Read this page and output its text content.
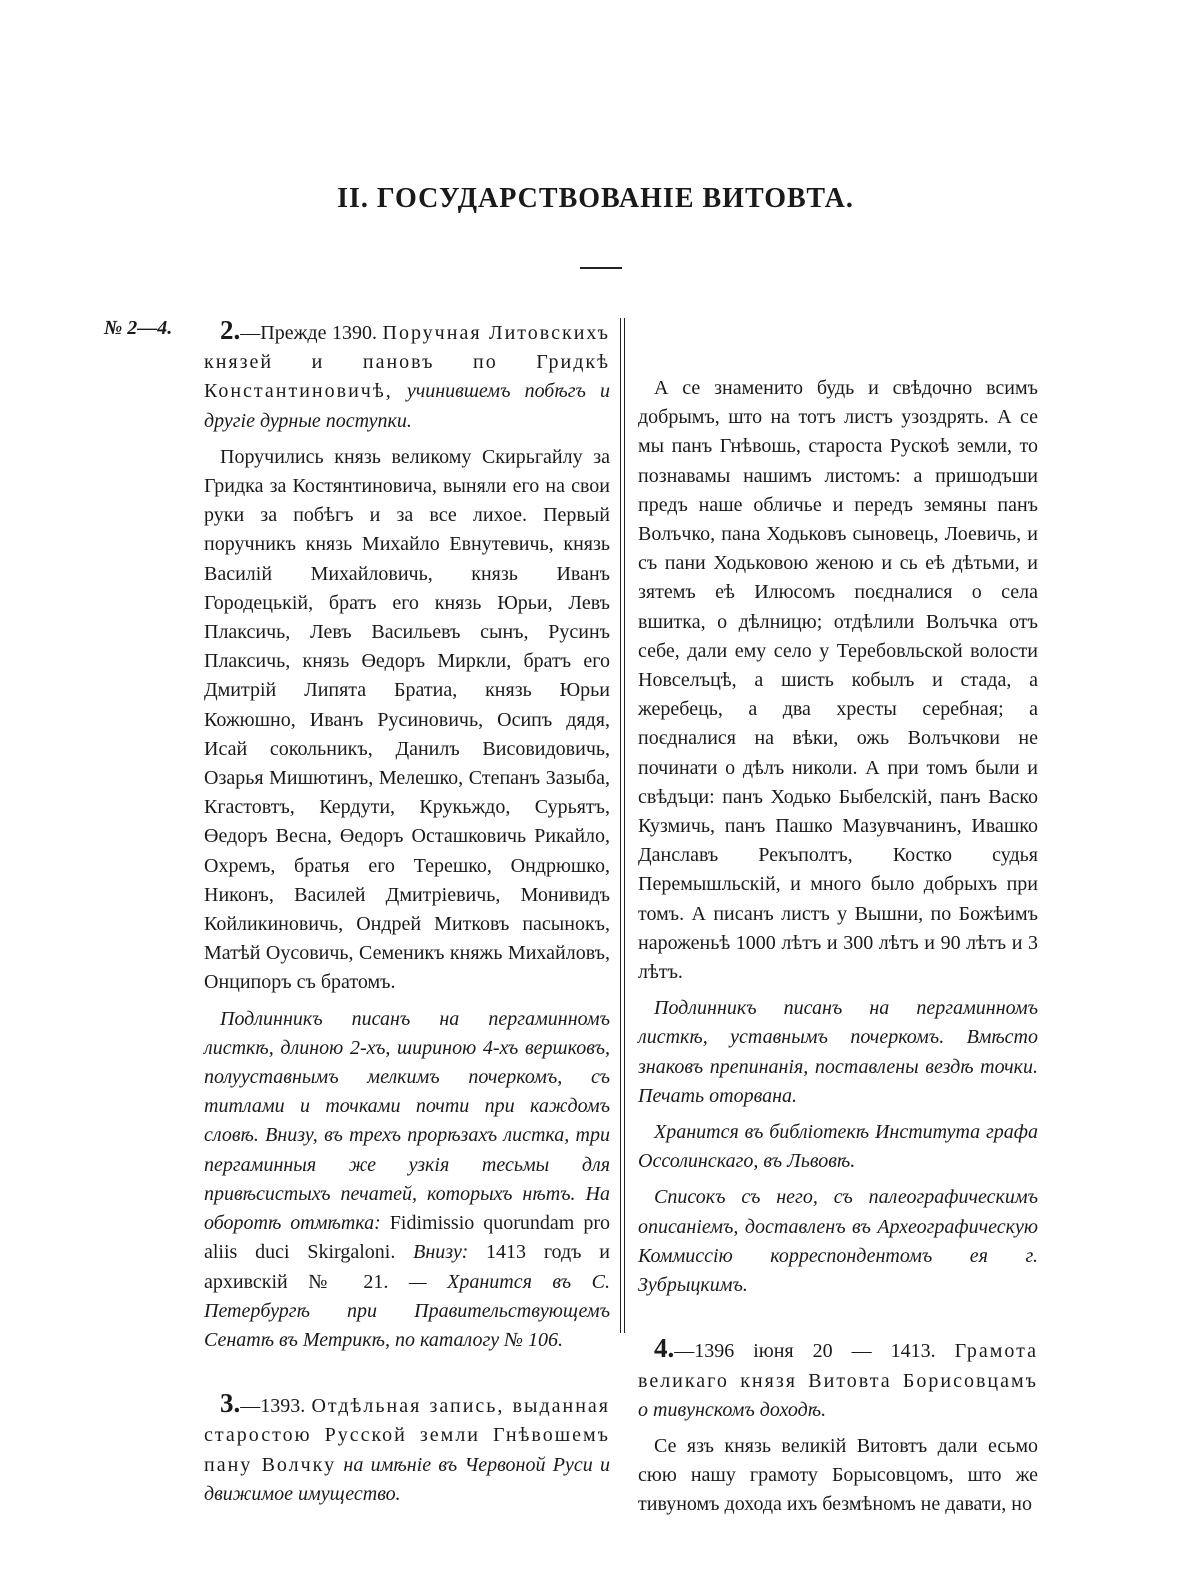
II. ГОСУДАРСТВОВАНІЕ ВИТОВТА.
№ 2—4.	2.—Прежде 1390. Поручная Литовскихъ князей и пановъ по Гридкѣ Константиновичѣ, учинившемъ побѣгъ и другіе дурные поступки.

Поручились князь великому Скирьгайлу за Гридка за Костянтиновича, выняли его на свои руки за побѣгъ и за все лихое. Первый поручникъ князь Михайло Евнутевичь, князь Василій Михайловичь, князь Иванъ Городецькій, братъ его князь Юрьи, Левъ Плаксичь, Левъ Васильевъ сынъ, Русинъ Плаксичь, князь Өедоръ Миркли, братъ его Дмитрій Липята Братиа, князь Юрьи Кожюшно, Иванъ Русиновичь, Осипъ дядя, Исай сокольникъ, Данилъ Висовидовичь, Озарья Мишютинъ, Мелешко, Степанъ Зазыба, Кгастовтъ, Кердути, Крукьждо, Сурьятъ, Өедоръ Весна, Өедоръ Осташковичь Рикайло, Охремъ, братья его Терешко, Ондрюшко, Никонъ, Василей Дмитріевичь, Монивидъ Койликиновичь, Ондрей Митковъ пасынокъ, Матѣй Оусовичь, Семеникъ княжь Михайловъ, Онципоръ съ братомъ.

Подлинникъ писанъ на пергаминномъ листкѣ, длиною 2-хъ, шириною 4-хъ вершковъ, полууставнымъ мелкимъ почеркомъ, съ титлами и точками почти при каждомъ словѣ. Внизу, въ трехъ прорѣзахъ листка, три пергаминныя же узкія тесьмы для привѣсистыхъ печатей, которыхъ нѣтъ. На оборотѣ отмѣтка: Fidimissio quorundam pro aliis duci Skirgaloni. Внизу: 1413 годъ и архивскій № 21. — Хранится въ С. Петербургѣ при Правительствующемъ Сенатѣ въ Метрикѣ, по каталогу № 106.

3.—1393. Отдѣльная запись, выданная старостою Русской земли Гнѣвошемъ пану Волчку на имѣніе въ Червоной Руси и движимое имущество.

А се знаменито будь и свѣдочно всимъ добрымъ, што на тотъ листъ узоздрять. А се мы панъ Гнѣвошь, староста Рускоѣ земли, то познавамы нашимъ листомъ: а пришодъши предъ наше обличье и передъ земяны панъ Волъчко, пана Ходьковъ сыновець, Лоевичь, и съ пани Ходьковою женою и сь еѣ дѣтьми, и зятемъ еѣ Илюсомъ поєдналися о села вшитка, о дѣлницю; отдѣлили Волъчка отъ себе, дали ему село у Теребовльской волости Новселъцѣ, а шисть кобылъ и стада, а жеребець, а два хресты серебная; а поєдналися на вѣки, ожь Волъчкови не починати о дѣлъ николи. А при томъ были и свѣдъци: панъ Ходько Быбелскій, панъ Васко Кузмичь, панъ Пашко Мазувчанинъ, Ивашко Данславъ Рекъполтъ, Костко судья Перемышльскій, и много было добрыхъ при томъ. А писанъ листъ у Вышни, по Божѣимъ нароженьѣ 1000 лѣтъ и 300 лѣтъ и 90 лѣтъ и 3 лѣтъ.

Подлинникъ писанъ на пергаминномъ листкѣ, уставнымъ почеркомъ. Вмѣсто знаковъ препинанія, поставлены вездѣ точки. Печать оторвана.

Хранится въ библіотекѣ Института графа Оссолинскаго, въ Львовѣ.

Списокъ съ него, съ палеографическимъ описаніемъ, доставленъ въ Археографическую Коммиссію корреспондентомъ ея г. Зубрыцкимъ.

4.—1396 іюня 20 — 1413. Грамота великаго князя Витовта Борисовцамъ о тивунскомъ доходѣ.

Се язъ князь великій Витовтъ дали есьмо сюю нашу грамоту Борысовцомъ, што же тивуномъ дохода ихъ безмѣномъ не давати, но
